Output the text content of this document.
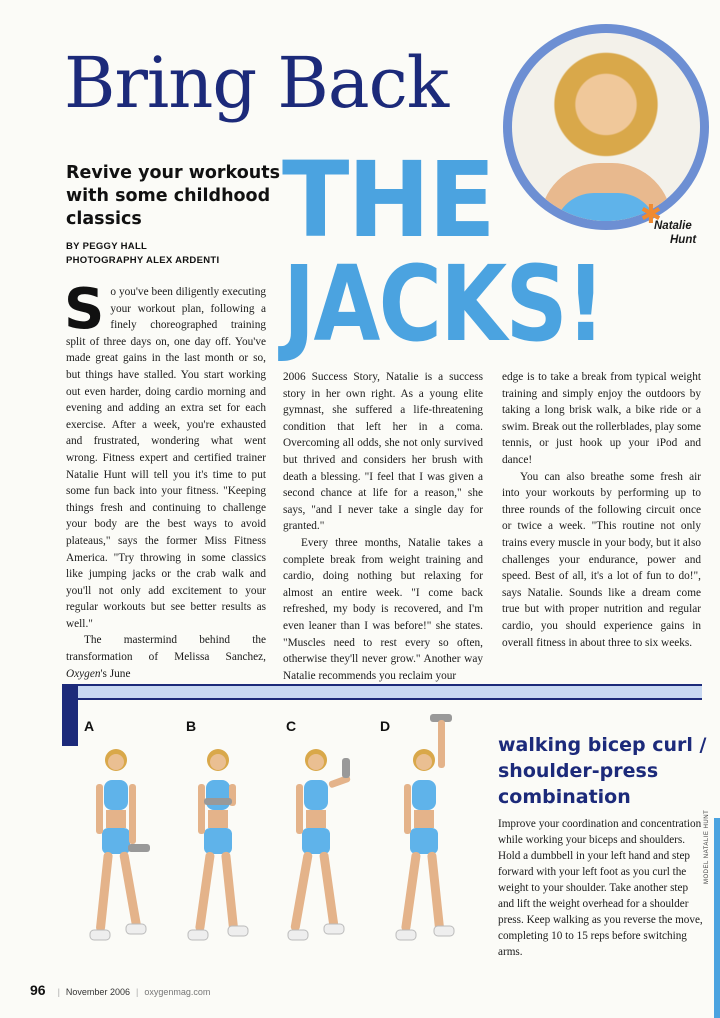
Bring Back
THE
JACKS!
✱
Natalie
Hunt
Revive your workouts with some childhood classics
BY PEGGY HALL
PHOTOGRAPHY ALEX ARDENTI
S o you've been diligently executing your workout plan, following a finely choreographed training split of three days on, one day off. You've made great gains in the last month or so, but things have stalled. You start working out even harder, doing cardio morning and evening and adding an extra set for each exercise. After a week, you're exhausted and frustrated, wondering what went wrong. Fitness expert and certified trainer Natalie Hunt will tell you it's time to put some fun back into your fitness. "Keeping things fresh and continuing to challenge your body are the best ways to avoid plateaus," says the former Miss Fitness America. "Try throwing in some classics like jumping jacks or the crab walk and you'll not only add excitement to your regular workouts but see better results as well."

The mastermind behind the transformation of Melissa Sanchez, Oxygen's June

2006 Success Story, Natalie is a success story in her own right. As a young elite gymnast, she suffered a life-threatening condition that left her in a coma. Overcoming all odds, she not only survived but thrived and considers her brush with death a blessing. "I feel that I was given a second chance at life for a reason," she says, "and I never take a single day for granted."

Every three months, Natalie takes a complete break from weight training and cardio, doing nothing but relaxing for almost an entire week. "I come back refreshed, my body is recovered, and I'm even leaner than I was before!" she states. "Muscles need to rest every so often, otherwise they'll never grow." Another way Natalie recommends you reclaim your

edge is to take a break from typical weight training and simply enjoy the outdoors by taking a long brisk walk, a bike ride or a swim. Break out the rollerblades, play some tennis, or just hook up your iPod and dance!

You can also breathe some fresh air into your workouts by performing up to three rounds of the following circuit once or twice a week. "This routine not only trains every muscle in your body, but it also challenges your endurance, power and speed. Best of all, it's a lot of fun to do!", says Natalie. Sounds like a dream come true but with proper nutrition and regular cardio, you should experience gains in overall fitness in about three to six weeks.

A	B	C	D
walking bicep curl / shoulder-press combination
Improve your coordination and concentration while working your biceps and shoulders. Hold a dumbbell in your left hand and step forward with your left foot as you curl the weight to your shoulder. Take another step and lift the weight overhead for a shoulder press. Keep walking as you reverse the move, completing 10 to 15 reps before switching arms.
MODEL NATALIE HUNT
96 | November 2006 | oxygenmag.com
